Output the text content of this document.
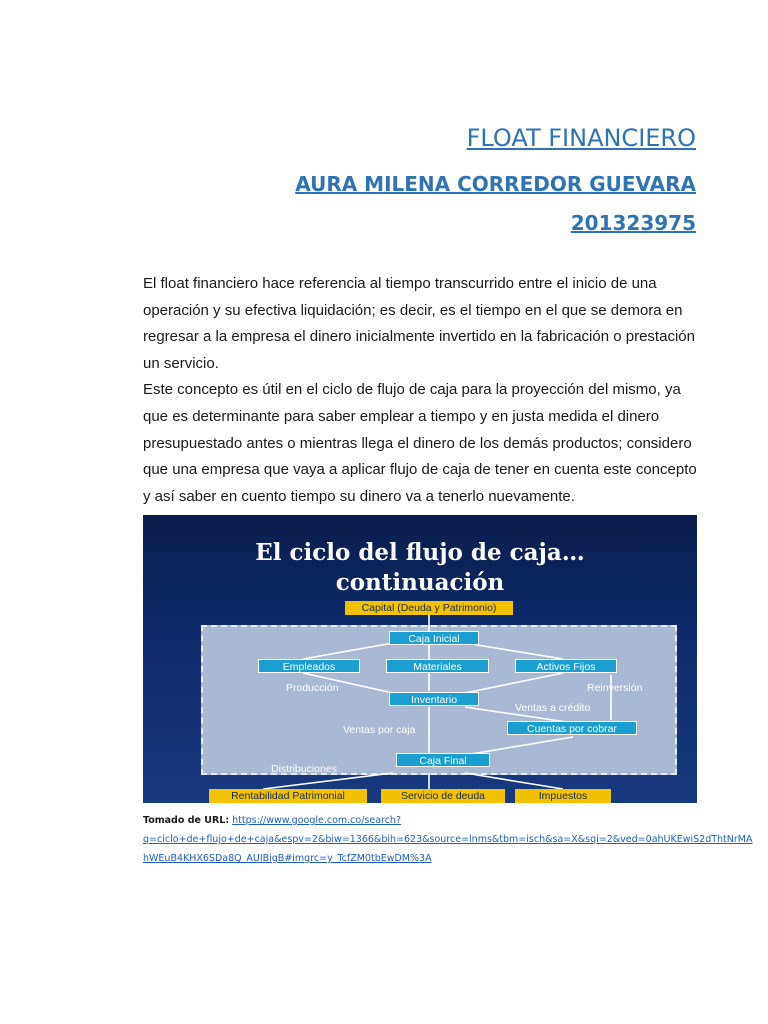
FLOAT FINANCIERO
AURA MILENA CORREDOR GUEVARA
201323975

El float financiero hace referencia al tiempo transcurrido entre el inicio de una operación y su efectiva liquidación; es decir, es el tiempo en el que se demora en regresar a la empresa el dinero inicialmente invertido en la fabricación o prestación un servicio.

Este concepto es útil en el ciclo de flujo de caja para la proyección del mismo, ya que es determinante para saber emplear a tiempo y en justa medida el dinero presupuestado antes o mientras llega el dinero de los demás productos; considero que una empresa que vaya a aplicar flujo de caja de tener en cuenta este concepto y así saber en cuento tiempo su dinero va a tenerlo nuevamente.

El ciclo del flujo de caja…
continuación
Capital (Deuda y Patrimonio)
Caja Inicial
Empleados	Materiales	Activos Fijos
Inventario
Cuentas por cobrar
Caja Final
Rentabilidad Patrimonial	Servicio de deuda	Impuestos
Producción	Reinversión
Ventas a crédito
Ventas por caja
Distribuciones
Tomado de URL: https://www.google.com.co/search?
q=ciclo+de+flujo+de+caja&espv=2&biw=1366&bih=623&source=lnms&tbm=isch&sa=X&sqi=2&ved=0ahUKEwiS2dThtNrMA
hWEuB4KHX6SDa8Q_AUIBigB#imgrc=y_TcfZM0tbEwDM%3A
